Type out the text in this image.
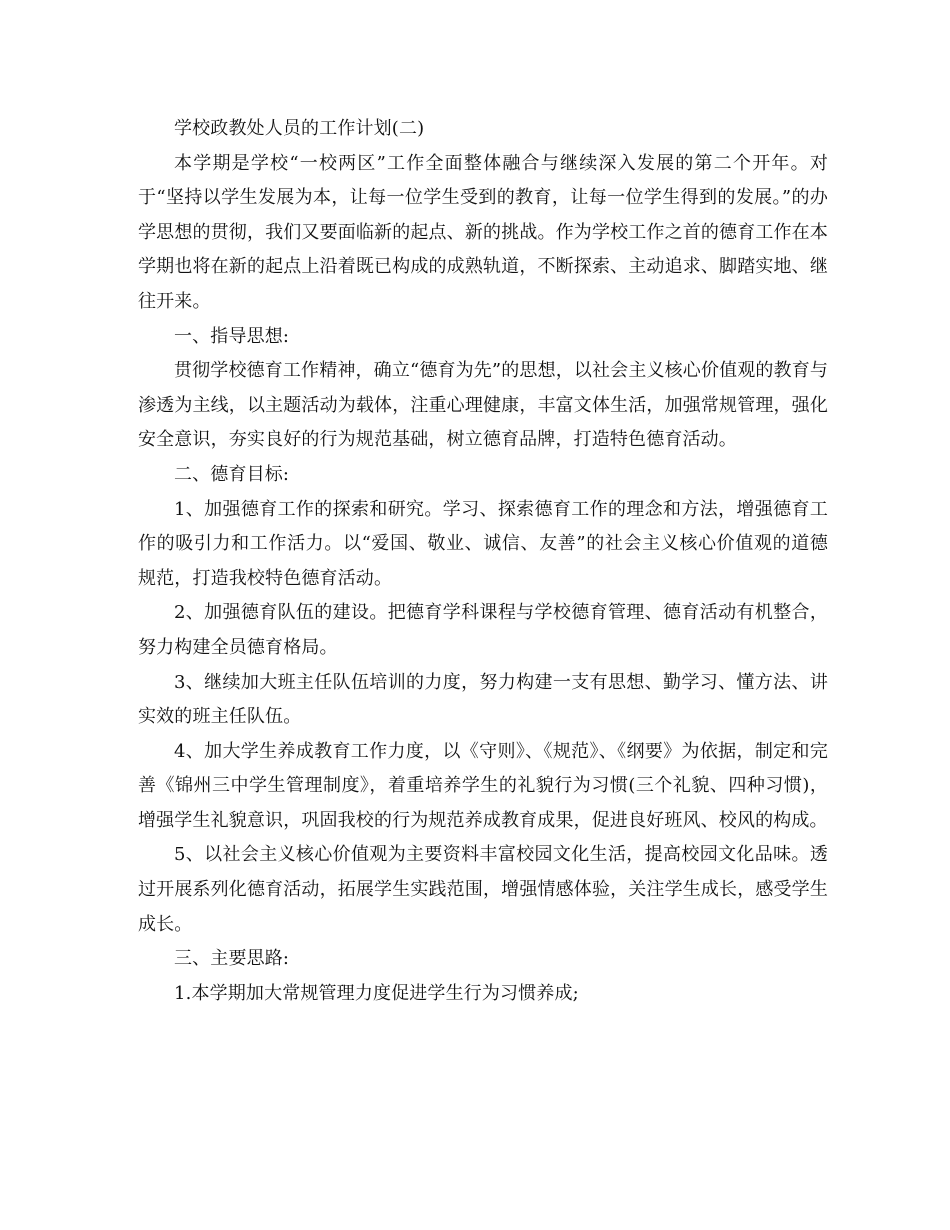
学校政教处人员的工作计划(二)

本学期是学校“一校两区”工作全面整体融合与继续深入发展的第二个开年。对于“坚持以学生发展为本，让每一位学生受到的教育，让每一位学生得到的发展。”的办学思想的贯彻，我们又要面临新的起点、新的挑战。作为学校工作之首的德育工作在本学期也将在新的起点上沿着既已构成的成熟轨道，不断探索、主动追求、脚踏实地、继往开来。

一、指导思想:

贯彻学校德育工作精神，确立“德育为先”的思想，以社会主义核心价值观的教育与渗透为主线，以主题活动为载体，注重心理健康，丰富文体生活，加强常规管理，强化安全意识，夯实良好的行为规范基础，树立德育品牌，打造特色德育活动。

二、德育目标:

1、加强德育工作的探索和研究。学习、探索德育工作的理念和方法，增强德育工作的吸引力和工作活力。以“爱国、敬业、诚信、友善”的社会主义核心价值观的道德规范，打造我校特色德育活动。

2、加强德育队伍的建设。把德育学科课程与学校德育管理、德育活动有机整合，努力构建全员德育格局。

3、继续加大班主任队伍培训的力度，努力构建一支有思想、勤学习、懂方法、讲实效的班主任队伍。

4、加大学生养成教育工作力度，以《守则》、《规范》、《纲要》为依据，制定和完善《锦州三中学生管理制度》，着重培养学生的礼貌行为习惯(三个礼貌、四种习惯)，增强学生礼貌意识，巩固我校的行为规范养成教育成果，促进良好班风、校风的构成。

5、以社会主义核心价值观为主要资料丰富校园文化生活，提高校园文化品味。透过开展系列化德育活动，拓展学生实践范围，增强情感体验，关注学生成长，感受学生成长。

三、主要思路:

1.本学期加大常规管理力度促进学生行为习惯养成;
